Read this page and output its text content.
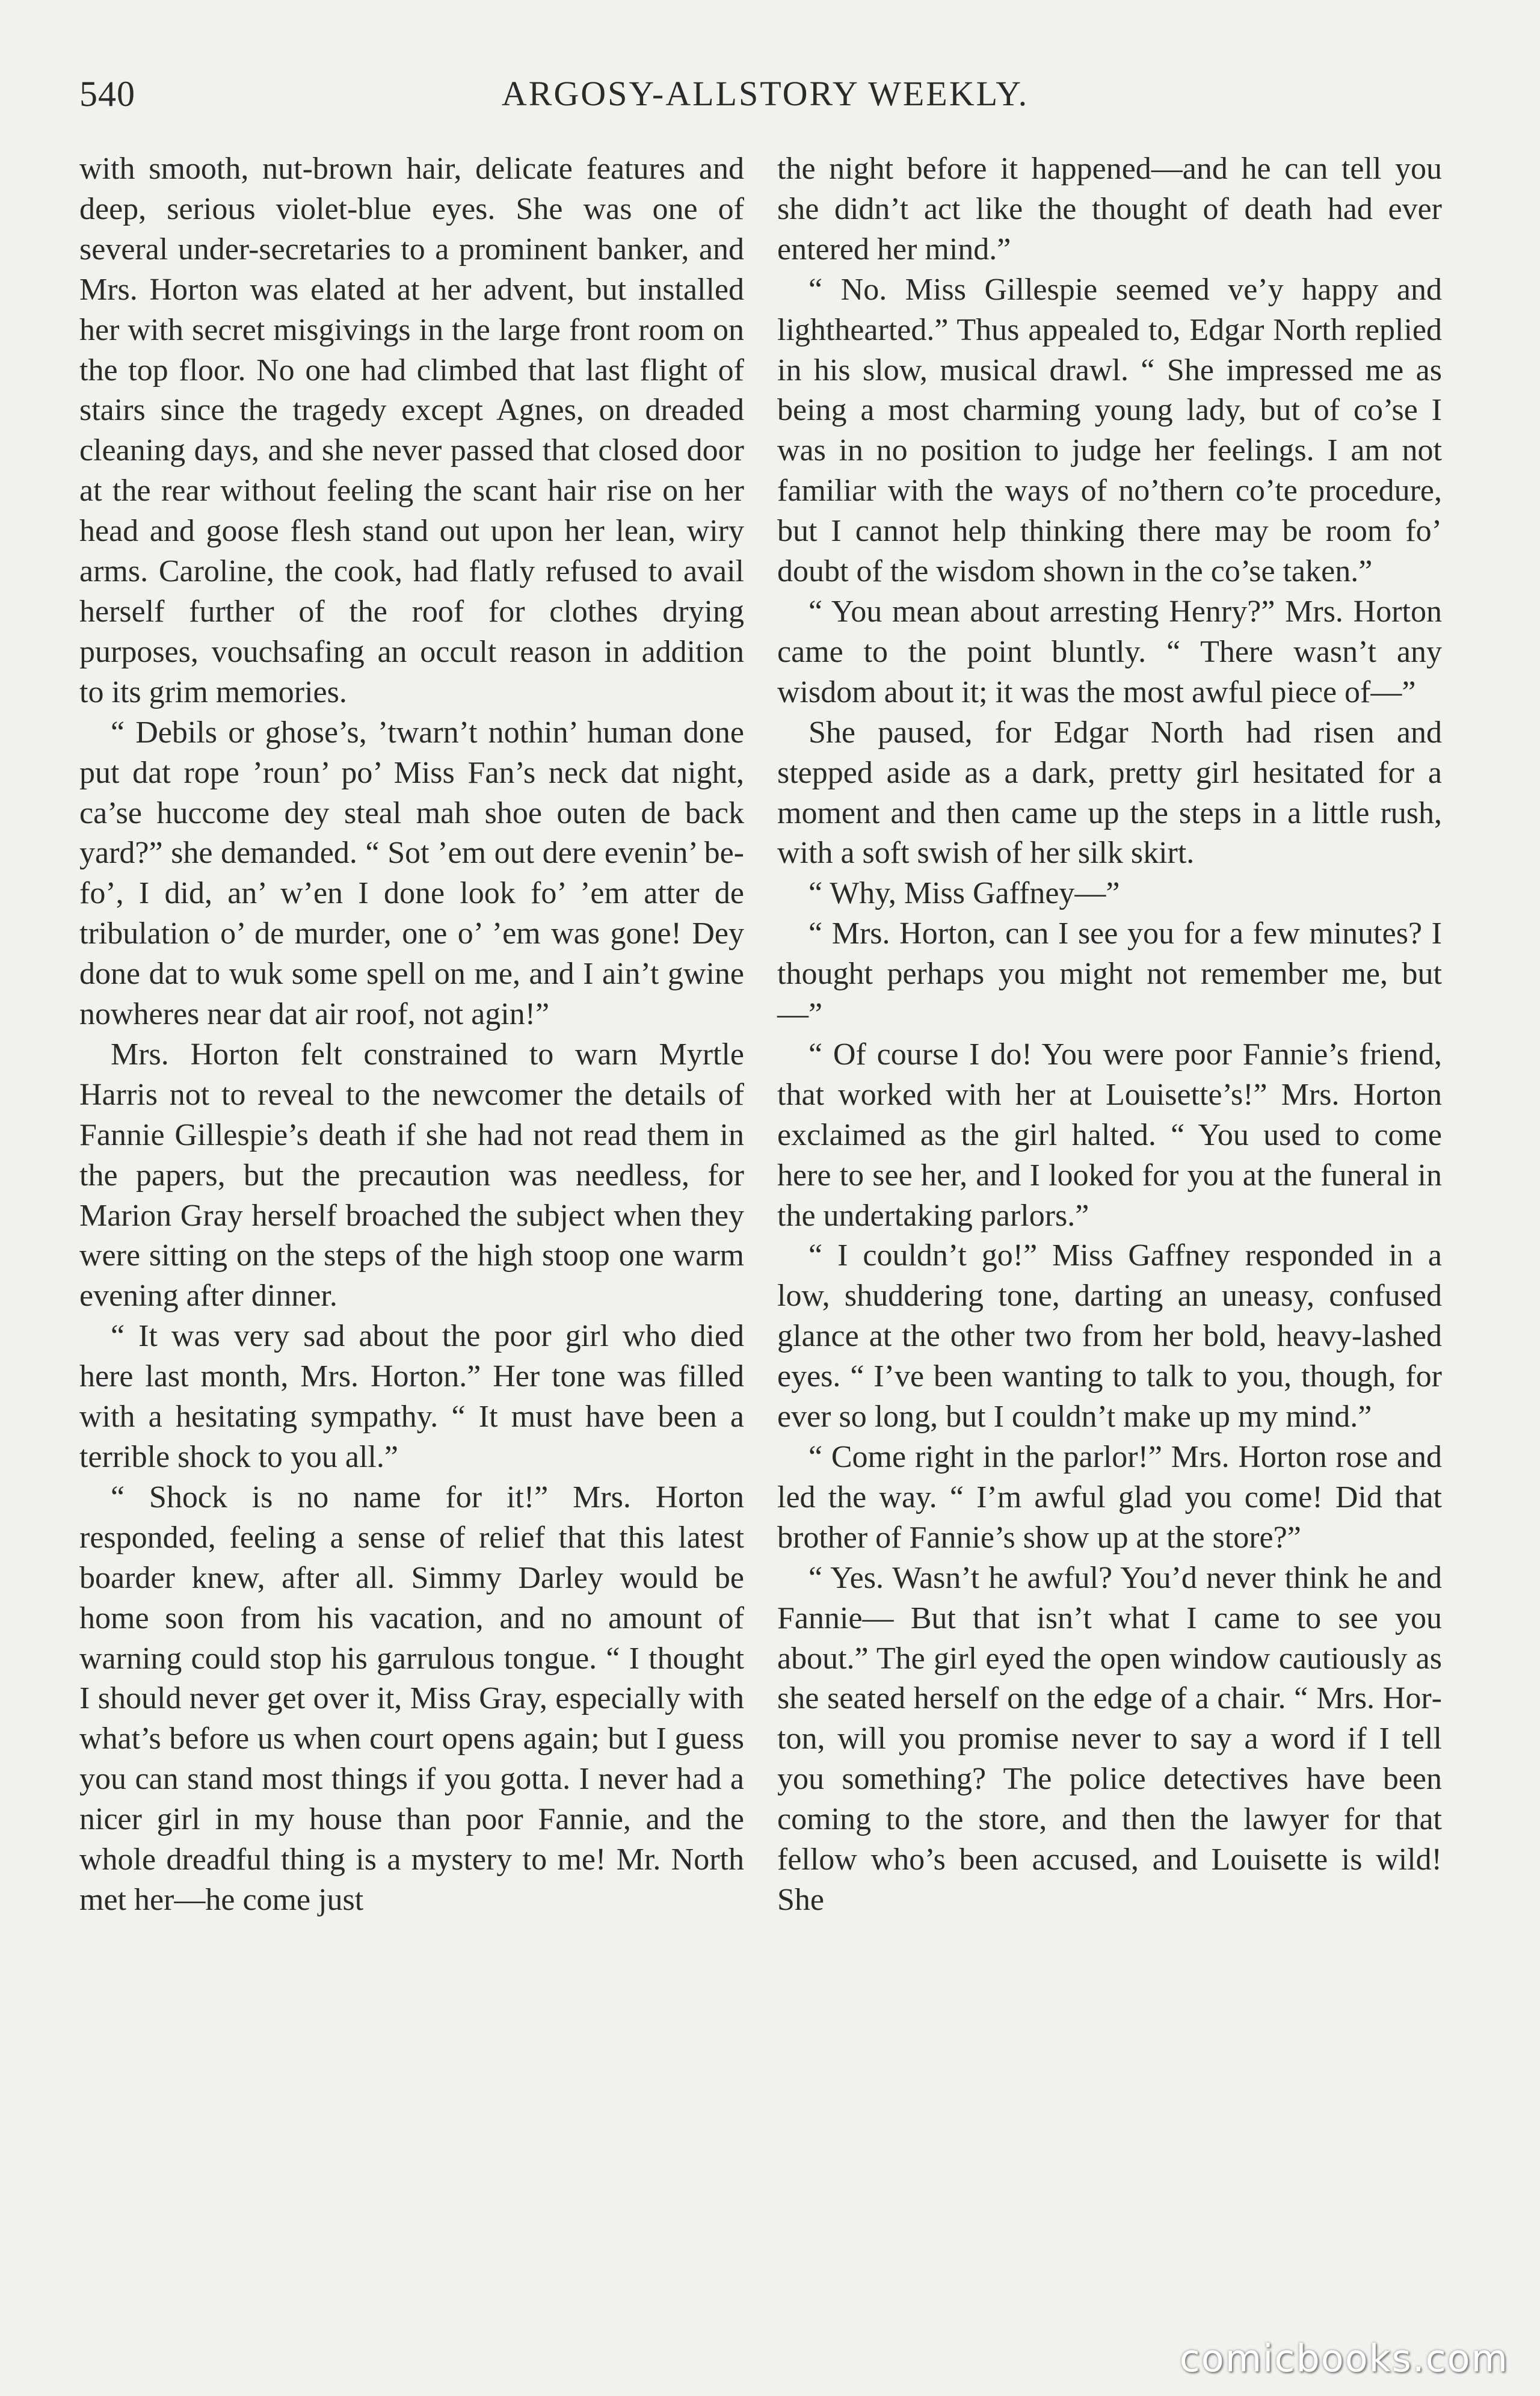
540	ARGOSY-ALLSTORY WEEKLY.

with smooth, nut-brown hair, delicate features and deep, serious violet-blue eyes. She was one of several under-secretaries to a prominent banker, and Mrs. Horton was elated at her advent, but installed her with secret misgivings in the large front room on the top floor. No one had climbed that last flight of stairs since the tragedy except Agnes, on dreaded cleaning days, and she never passed that closed door at the rear without feeling the scant hair rise on her head and goose flesh stand out upon her lean, wiry arms. Caroline, the cook, had flatly refused to avail herself further of the roof for clothes drying purposes, vouchsafing an occult reason in addition to its grim memories.

“ Debils or ghose’s, ’twarn’t nothin’ human done put dat rope ’roun’ po’ Miss Fan’s neck dat night, ca’se huccome dey steal mah shoe outen de back yard?” she demanded. “ Sot ’em out dere evenin’ befo’, I did, an’ w’en I done look fo’ ’em atter de tribulation o’ de murder, one o’ ’em was gone! Dey done dat to wuk some spell on me, and I ain’t gwine nowheres near dat air roof, not agin!”

Mrs. Horton felt constrained to warn Myrtle Harris not to reveal to the newcomer the details of Fannie Gillespie’s death if she had not read them in the papers, but the precaution was needless, for Marion Gray herself broached the subject when they were sitting on the steps of the high stoop one warm evening after dinner.

“ It was very sad about the poor girl who died here last month, Mrs. Horton.” Her tone was filled with a hesitating sympathy. “ It must have been a terrible shock to you all.”

“ Shock is no name for it!” Mrs. Horton responded, feeling a sense of relief that this latest boarder knew, after all. Simmy Darley would be home soon from his vacation, and no amount of warning could stop his garrulous tongue. “ I thought I should never get over it, Miss Gray, especially with what’s before us when court opens again; but I guess you can stand most things if you gotta. I never had a nicer girl in my house than poor Fannie, and the whole dreadful thing is a mystery to me! Mr. North met her—he come just

the night before it happened—and he can tell you she didn’t act like the thought of death had ever entered her mind.”

“ No. Miss Gillespie seemed ve’y happy and lighthearted.” Thus appealed to, Edgar North replied in his slow, musical drawl. “ She impressed me as being a most charming young lady, but of co’se I was in no position to judge her feelings. I am not familiar with the ways of no’thern co’te procedure, but I cannot help thinking there may be room fo’ doubt of the wisdom shown in the co’se taken.”

“ You mean about arresting Henry?” Mrs. Horton came to the point bluntly. “ There wasn’t any wisdom about it; it was the most awful piece of—”

She paused, for Edgar North had risen and stepped aside as a dark, pretty girl hesitated for a moment and then came up the steps in a little rush, with a soft swish of her silk skirt.

“ Why, Miss Gaffney—”

“ Mrs. Horton, can I see you for a few minutes? I thought perhaps you might not remember me, but—”

“ Of course I do! You were poor Fannie’s friend, that worked with her at Louisette’s!” Mrs. Horton exclaimed as the girl halted. “ You used to come here to see her, and I looked for you at the funeral in the undertaking parlors.”

“ I couldn’t go!” Miss Gaffney responded in a low, shuddering tone, darting an uneasy, confused glance at the other two from her bold, heavy-lashed eyes. “ I’ve been wanting to talk to you, though, for ever so long, but I couldn’t make up my mind.”

“ Come right in the parlor!” Mrs. Horton rose and led the way. “ I’m awful glad you come! Did that brother of Fannie’s show up at the store?”

“ Yes. Wasn’t he awful? You’d never think he and Fannie— But that isn’t what I came to see you about.” The girl eyed the open window cautiously as she seated herself on the edge of a chair. “ Mrs. Horton, will you promise never to say a word if I tell you something? The police detectives have been coming to the store, and then the lawyer for that fellow who’s been accused, and Louisette is wild! She

comicbooks.com
